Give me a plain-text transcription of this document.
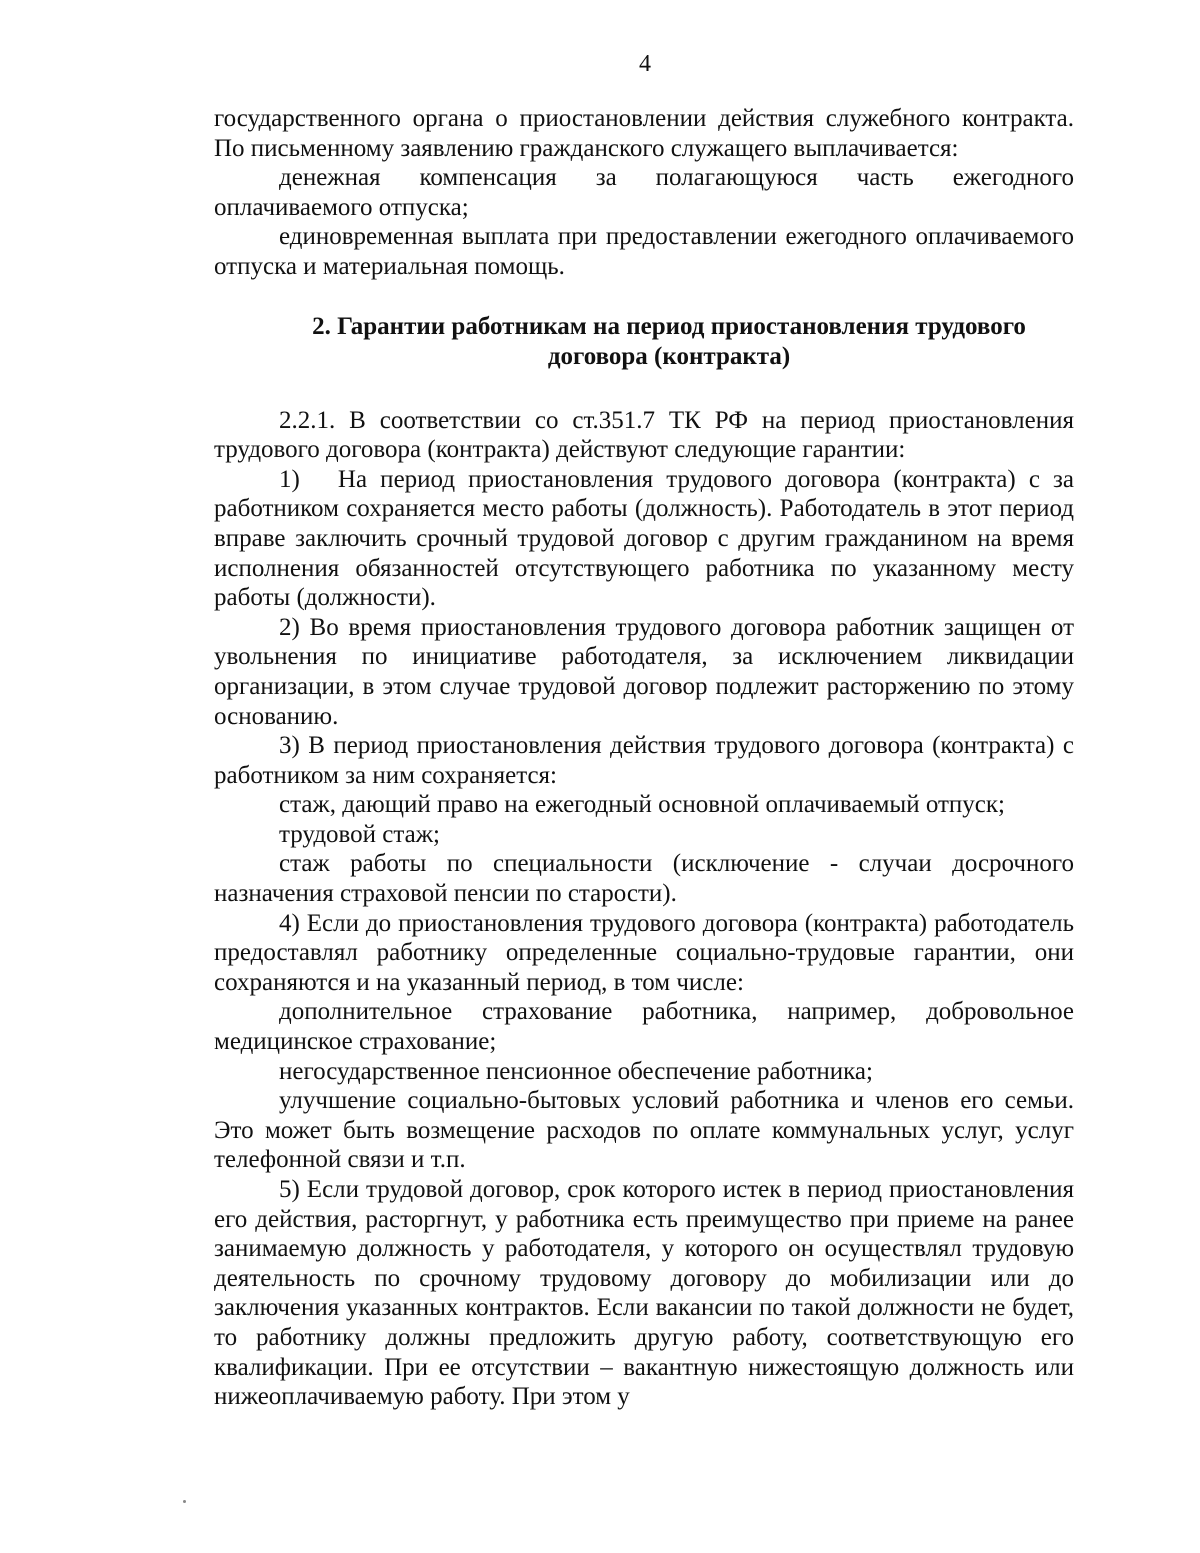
4

государственного органа о приостановлении действия служебного контракта. По письменному заявлению гражданского служащего выплачивается:

денежная компенсация за полагающуюся часть ежегодного оплачиваемого отпуска;

единовременная выплата при предоставлении ежегодного оплачиваемого отпуска и материальная помощь.

2. Гарантии работникам на период приостановления трудового
договора (контракта)

2.2.1. В соответствии со ст.351.7 ТК РФ на период приостановления трудового договора (контракта) действуют следующие гарантии:

1)  На период приостановления трудового договора (контракта) с за работником сохраняется место работы (должность). Работодатель в этот период вправе заключить срочный трудовой договор с другим гражданином на время исполнения обязанностей отсутствующего работника по указанному месту работы (должности).

2) Во время приостановления трудового договора работник защищен от увольнения по инициативе работодателя, за исключением ликвидации организации, в этом случае трудовой договор подлежит расторжению по этому основанию.

3) В период приостановления действия трудового договора (контракта) с работником за ним сохраняется:

стаж, дающий право на ежегодный основной оплачиваемый отпуск;

трудовой стаж;

стаж работы по специальности (исключение - случаи досрочного назначения страховой пенсии по старости).

4) Если до приостановления трудового договора (контракта) работодатель предоставлял работнику определенные социально-трудовые гарантии, они сохраняются и на указанный период, в том числе:

дополнительное страхование работника, например, добровольное медицинское страхование;

негосударственное пенсионное обеспечение работника;

улучшение социально-бытовых условий работника и членов его семьи. Это может быть возмещение расходов по оплате коммунальных услуг, услуг телефонной связи и т.п.

5) Если трудовой договор, срок которого истек в период приостановления его действия, расторгнут, у работника есть преимущество при приеме на ранее занимаемую должность у работодателя, у которого он осуществлял трудовую деятельность по срочному трудовому договору до мобилизации или до заключения указанных контрактов. Если вакансии по такой должности не будет, то работнику должны предложить другую работу, соответствующую его квалификации. При ее отсутствии – вакантную нижестоящую должность или нижеоплачиваемую работу. При этом у
